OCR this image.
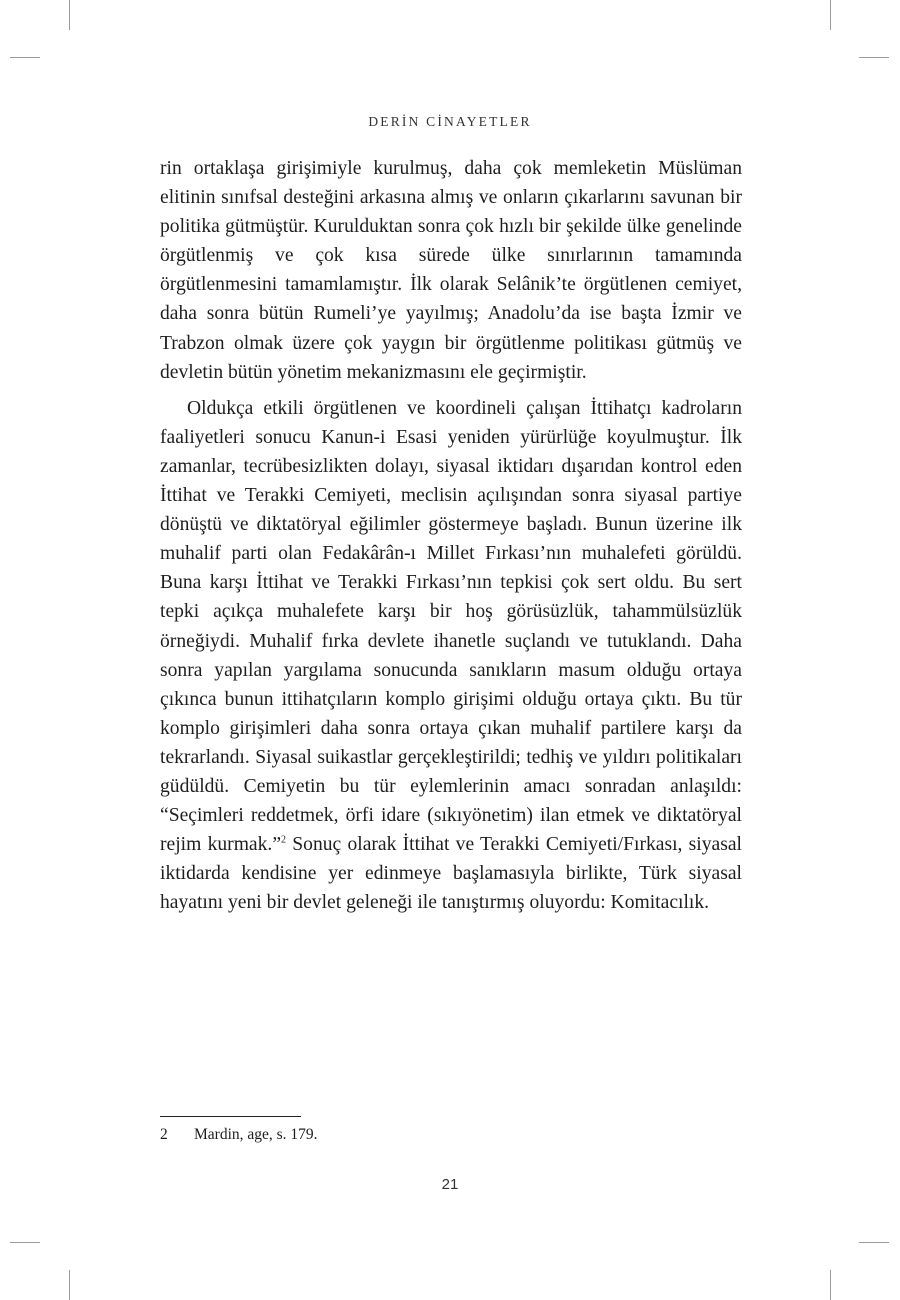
DERİN CİNAYETLER

rin ortaklaşa girişimiyle kurulmuş, daha çok memleketin Müslüman elitinin sınıfsal desteğini arkasına almış ve onların çıkarlarını savunan bir politika gütmüştür. Kurulduktan sonra çok hızlı bir şekilde ülke genelinde örgütlenmiş ve çok kısa sürede ülke sınırlarının tamamında örgütlenmesini tamamlamıştır. İlk olarak Selânik’te örgütlenen cemiyet, daha sonra bütün Rumeli’ye yayılmış; Anadolu’da ise başta İzmir ve Trabzon olmak üzere çok yaygın bir örgütlenme politikası gütmüş ve devletin bütün yönetim mekanizmasını ele geçirmiştir.

Oldukça etkili örgütlenen ve koordineli çalışan İttihatçı kadroların faaliyetleri sonucu Kanun-i Esasi yeniden yürürlüğe koyulmuştur. İlk zamanlar, tecrübesizlikten dolayı, siyasal iktidarı dışarıdan kontrol eden İttihat ve Terakki Cemiyeti, meclisin açılışından sonra siyasal partiye dönüştü ve diktatöryal eğilimler göstermeye başladı. Bunun üzerine ilk muhalif parti olan Fedakârân-ı Millet Fırkası’nın muhalefeti görüldü. Buna karşı İttihat ve Terakki Fırkası’nın tepkisi çok sert oldu. Bu sert tepki açıkça muhalefete karşı bir hoş görüsüzlük, tahammülsüzlük örneğiydi. Muhalif fırka devlete ihanetle suçlandı ve tutuklandı. Daha sonra yapılan yargılama sonucunda sanıkların masum olduğu ortaya çıkınca bunun ittihatçıların komplo girişimi olduğu ortaya çıktı. Bu tür komplo girişimleri daha sonra ortaya çıkan muhalif partilere karşı da tekrarlandı. Siyasal suikastlar gerçekleştirildi; tedhiş ve yıldırı politikaları güdüldü. Cemiyetin bu tür eylemlerinin amacı sonradan anlaşıldı: “Seçimleri reddetmek, örfi idare (sıkıyönetim) ilan etmek ve diktatöryal rejim kurmak.”$^2$ Sonuç olarak İttihat ve Terakki Cemiyeti/Fırkası, siyasal iktidarda kendisine yer edinmeye başlamasıyla birlikte, Türk siyasal hayatını yeni bir devlet geleneği ile tanıştırmış oluyordu: Komitacılık.

2 Mardin, age, s. 179.
21
